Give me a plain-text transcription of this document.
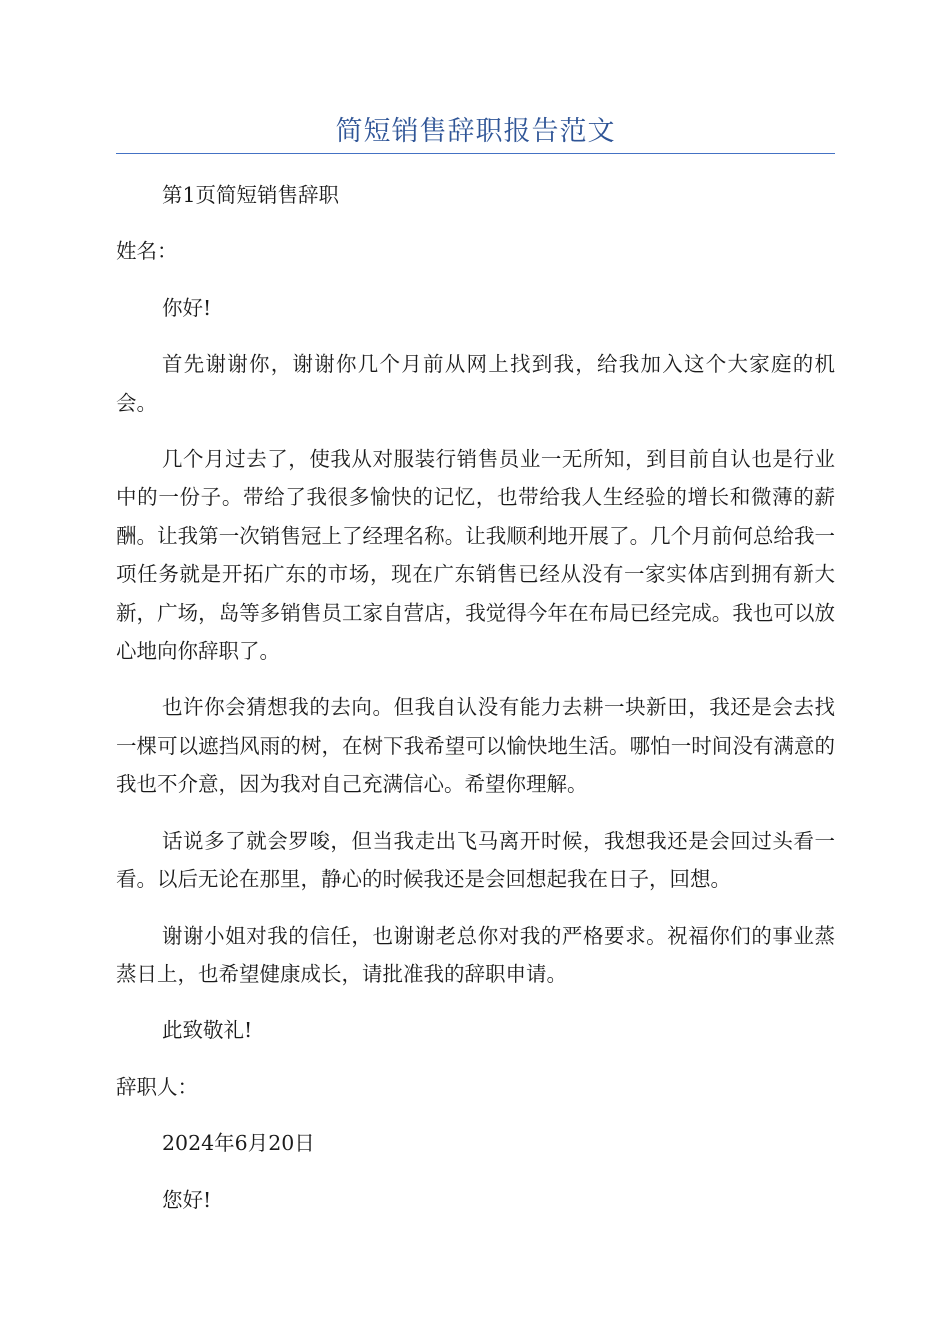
简短销售辞职报告范文

第1页简短销售辞职

姓名：

你好!

首先谢谢你，谢谢你几个月前从网上找到我，给我加入这个大家庭的机会。

几个月过去了，使我从对服装行销售员业一无所知，到目前自认也是行业中的一份子。带给了我很多愉快的记忆，也带给我人生经验的增长和微薄的薪酬。让我第一次销售冠上了经理名称。让我顺利地开展了。几个月前何总给我一项任务就是开拓广东的市场，现在广东销售已经从没有一家实体店到拥有新大新，广场，岛等多销售员工家自营店，我觉得今年在布局已经完成。我也可以放心地向你辞职了。

也许你会猜想我的去向。但我自认没有能力去耕一块新田，我还是会去找一棵可以遮挡风雨的树，在树下我希望可以愉快地生活。哪怕一时间没有满意的我也不介意，因为我对自己充满信心。希望你理解。

话说多了就会罗唆，但当我走出飞马离开时候，我想我还是会回过头看一看。以后无论在那里，静心的时候我还是会回想起我在日子，回想。

谢谢小姐对我的信任，也谢谢老总你对我的严格要求。祝福你们的事业蒸蒸日上，也希望健康成长，请批准我的辞职申请。

此致敬礼!

辞职人：

2024年6月20日

您好!
